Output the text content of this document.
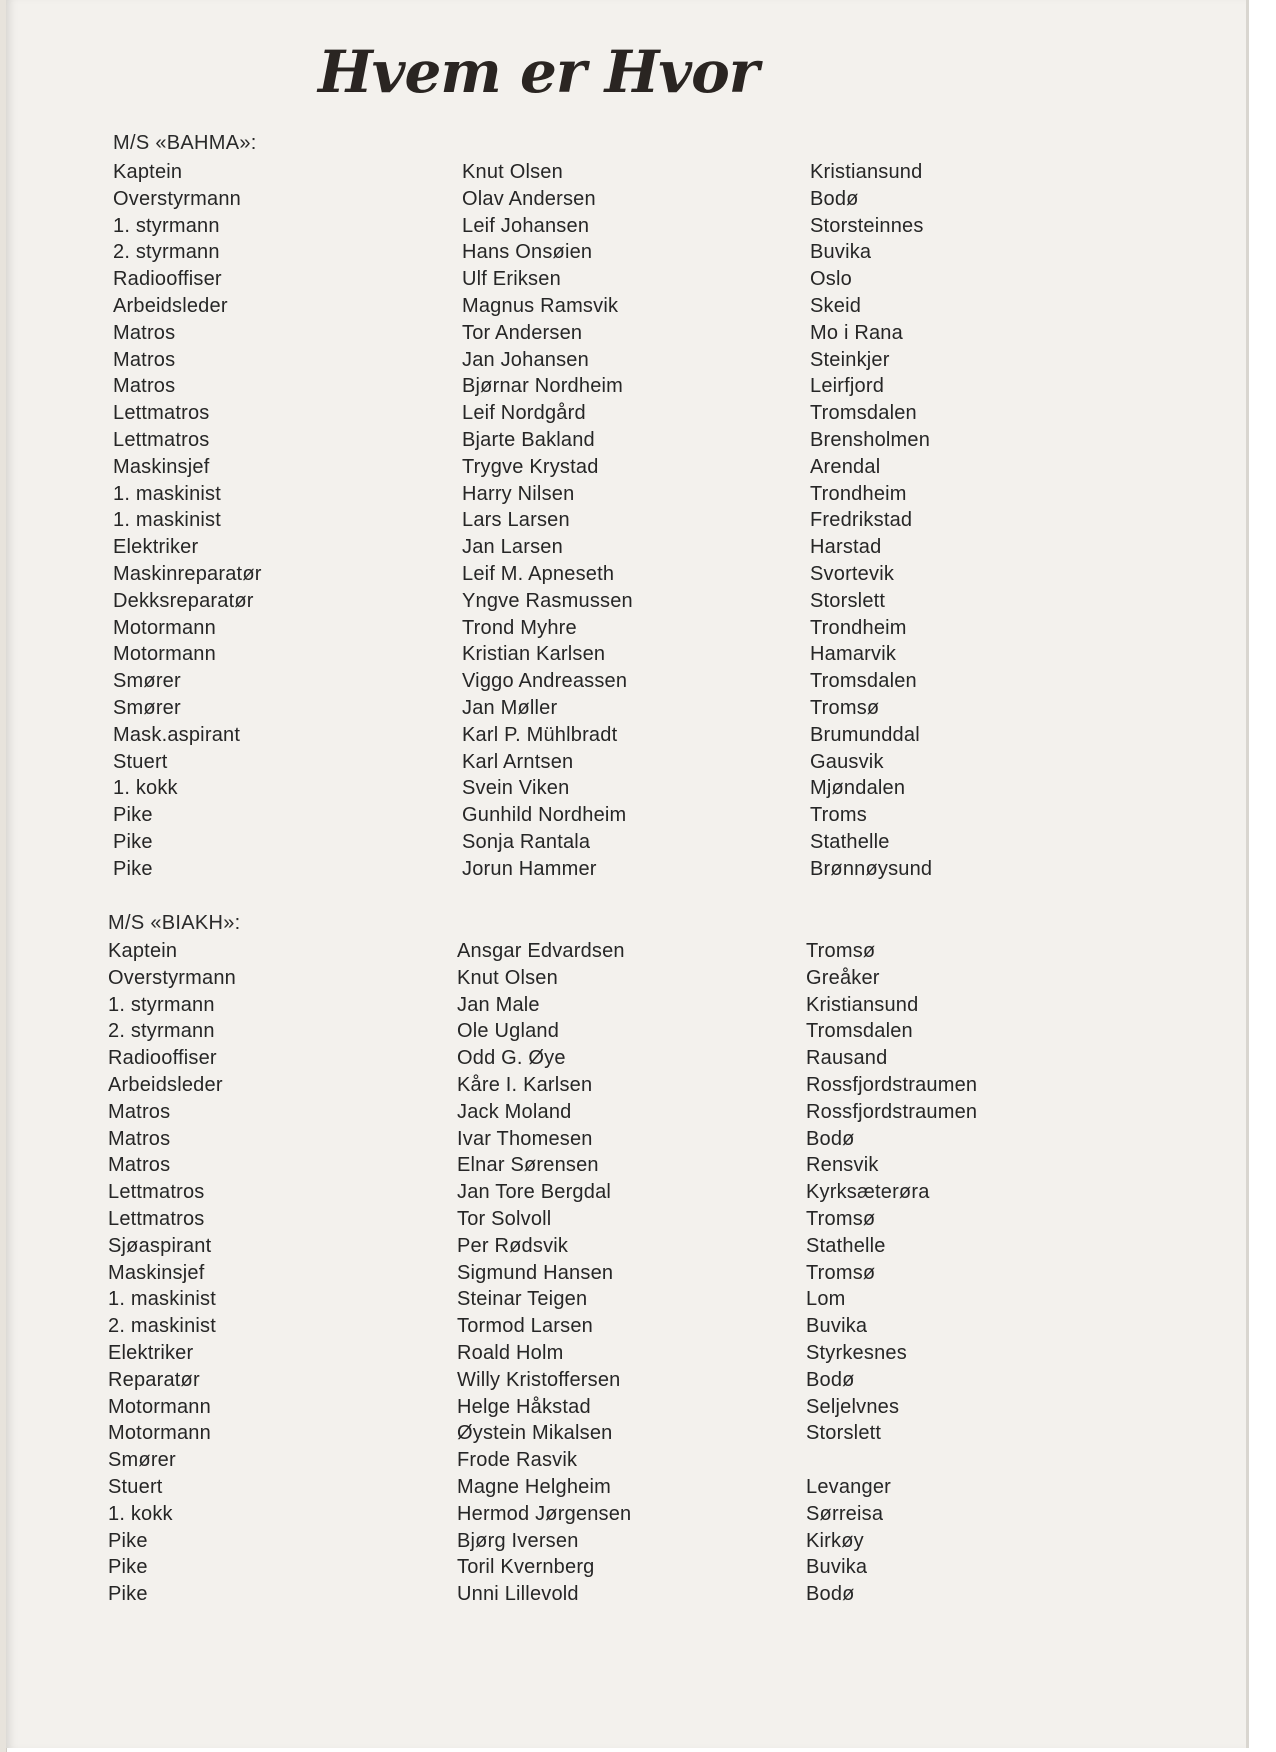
Hvem er Hvor
M/S «BAHMA»:
Kaptein
Overstyrmann
1. styrmann
2. styrmann
Radiooffiser
Arbeidsleder
Matros
Matros
Matros
Lettmatros
Lettmatros
Maskinsjef
1. maskinist
1. maskinist
Elektriker
Maskinreparatør
Dekksreparatør
Motormann
Motormann
Smører
Smører
Mask.aspirant
Stuert
1. kokk
Pike
Pike
Pike
Knut Olsen
Olav Andersen
Leif Johansen
Hans Onsøien
Ulf Eriksen
Magnus Ramsvik
Tor Andersen
Jan Johansen
Bjørnar Nordheim
Leif Nordgård
Bjarte Bakland
Trygve Krystad
Harry Nilsen
Lars Larsen
Jan Larsen
Leif M. Apneseth
Yngve Rasmussen
Trond Myhre
Kristian Karlsen
Viggo Andreassen
Jan Møller
Karl P. Mühlbradt
Karl Arntsen
Svein Viken
Gunhild Nordheim
Sonja Rantala
Jorun Hammer
Kristiansund
Bodø
Storsteinnes
Buvika
Oslo
Skeid
Mo i Rana
Steinkjer
Leirfjord
Tromsdalen
Brensholmen
Arendal
Trondheim
Fredrikstad
Harstad
Svortevik
Storslett
Trondheim
Hamarvik
Tromsdalen
Tromsø
Brumunddal
Gausvik
Mjøndalen
Troms
Stathelle
Brønnøysund
M/S «BIAKH»:
Kaptein
Overstyrmann
1. styrmann
2. styrmann
Radiooffiser
Arbeidsleder
Matros
Matros
Matros
Lettmatros
Lettmatros
Sjøaspirant
Maskinsjef
1. maskinist
2. maskinist
Elektriker
Reparatør
Motormann
Motormann
Smører
Stuert
1. kokk
Pike
Pike
Pike
Ansgar Edvardsen
Knut Olsen
Jan Male
Ole Ugland
Odd G. Øye
Kåre I. Karlsen
Jack Moland
Ivar Thomesen
Elnar Sørensen
Jan Tore Bergdal
Tor Solvoll
Per Rødsvik
Sigmund Hansen
Steinar Teigen
Tormod Larsen
Roald Holm
Willy Kristoffersen
Helge Håkstad
Øystein Mikalsen
Frode Rasvik
Magne Helgheim
Hermod Jørgensen
Bjørg Iversen
Toril Kvernberg
Unni Lillevold
Tromsø
Greåker
Kristiansund
Tromsdalen
Rausand
Rossfjordstraumen
Rossfjordstraumen
Bodø
Rensvik
Kyrksæterøra
Tromsø
Stathelle
Tromsø
Lom
Buvika
Styrkesnes
Bodø
Seljelvnes
Storslett
Levanger
Sørreisa
Kirkøy
Buvika
Bodø
